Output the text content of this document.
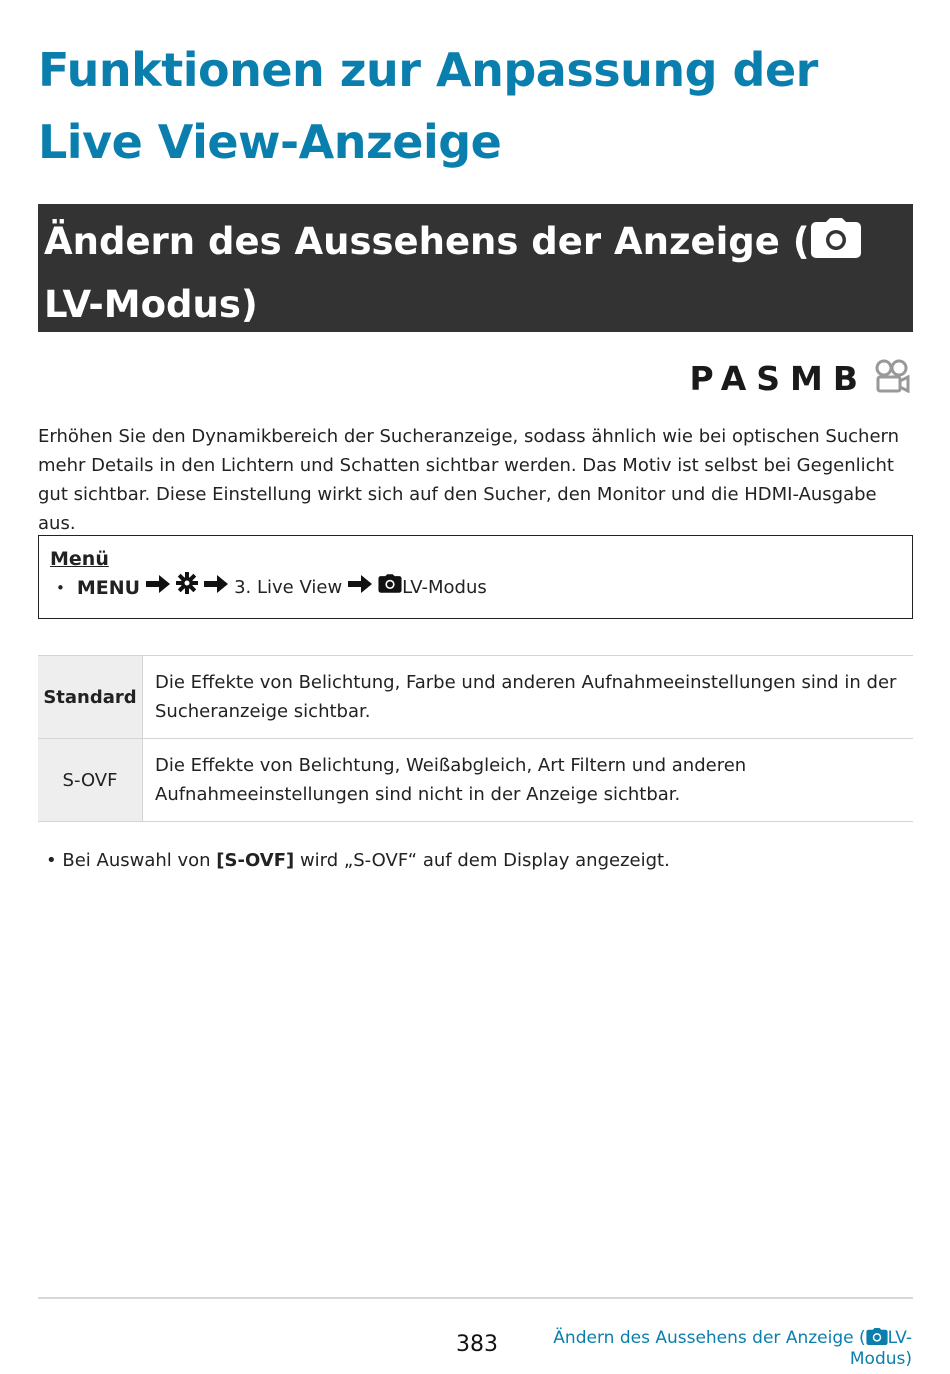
Funktionen zur Anpassung der Live View-Anzeige
Ändern des Aussehens der Anzeige (LV-Modus)
PASMB

Erhöhen Sie den Dynamikbereich der Sucheranzeige, sodass ähnlich wie bei optischen Suchern mehr Details in den Lichtern und Schatten sichtbar werden. Das Motiv ist selbst bei Gegenlicht gut sichtbar. Diese Einstellung wirkt sich auf den Sucher, den Monitor und die HDMI-Ausgabe aus.

Menü
• MENU	3. Live View	LV-Modus
Standard	Die Effekte von Belichtung, Farbe und anderen Aufnahmeeinstellungen sind in der Sucheranzeige sichtbar.
S-OVF	Die Effekte von Belichtung, Weißabgleich, Art Filtern und anderen Aufnahmeeinstellungen sind nicht in der Anzeige sichtbar.
• Bei Auswahl von [S-OVF] wird „S-OVF“ auf dem Display angezeigt.
383	Ändern des Aussehens der Anzeige ( LV-Modus)
